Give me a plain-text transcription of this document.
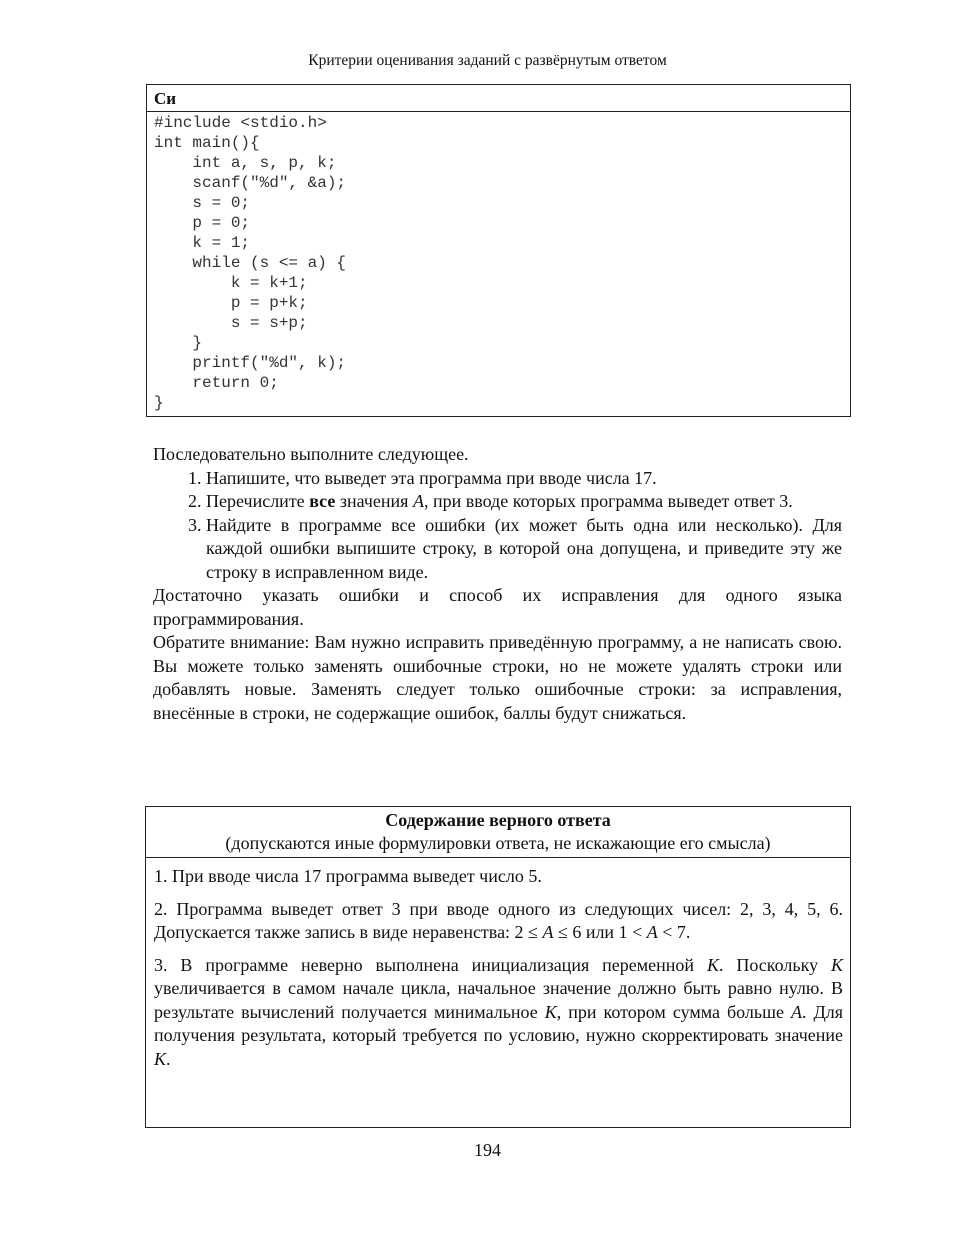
Критерии оценивания заданий с развёрнутым ответом
Си
#include <stdio.h>
int main(){
int a, s, p, k;
scanf("%d", &a);
s = 0;
p = 0;
k = 1;
while (s <= a) {
k = k+1;
p = p+k;
s = s+p;
}
printf("%d", k);
return 0;
}

Последовательно выполните следующее.

1. Напишите, что выведет эта программа при вводе числа 17.
2. Перечислите все значения A, при вводе которых программа выведет ответ 3.
3. Найдите в программе все ошибки (их может быть одна или несколько). Для каждой ошибки выпишите строку, в которой она допущена, и приведите эту же строку в исправленном виде.

Достаточно указать ошибки и способ их исправления для одного языка программирования.

Обратите внимание: Вам нужно исправить приведённую программу, а не написать свою. Вы можете только заменять ошибочные строки, но не можете удалять строки или добавлять новые. Заменять следует только ошибочные строки: за исправления, внесённые в строки, не содержащие ошибок, баллы будут снижаться.

Содержание верного ответа
(допускаются иные формулировки ответа, не искажающие его смысла)

1. При вводе числа 17 программа выведет число 5.

2. Программа выведет ответ 3 при вводе одного из следующих чисел: 2, 3, 4, 5, 6. Допускается также запись в виде неравенства: 2 ≤ A ≤ 6 или 1 < A < 7.

3. В программе неверно выполнена инициализация переменной K. Поскольку K увеличивается в самом начале цикла, начальное значение должно быть равно нулю. В результате вычислений получается минимальное K, при котором сумма больше A. Для получения результата, который требуется по условию, нужно скорректировать значение K.

194
